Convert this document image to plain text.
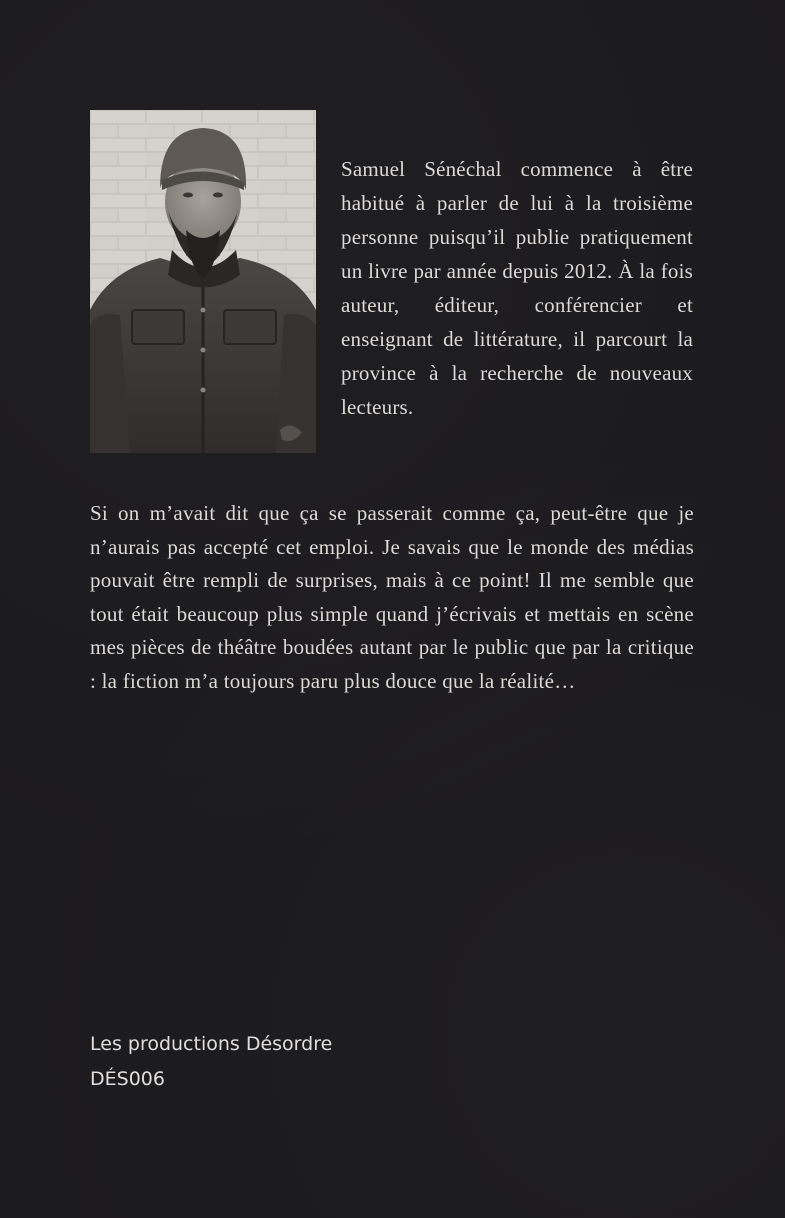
Samuel Sénéchal commence à être habitué à parler de lui à la troisième personne puisqu’il publie pratiquement un livre par année depuis 2012. À la fois auteur, éditeur, conférencier et enseignant de littérature, il parcourt la province à la recherche de nouveaux lecteurs.
Si on m’avait dit que ça se passerait comme ça, peut-être que je n’aurais pas accepté cet emploi. Je savais que le monde des médias pouvait être rempli de surprises, mais à ce point! Il me semble que tout était beaucoup plus simple quand j’écrivais et mettais en scène mes pièces de théâtre boudées autant par le public que par la critique : la fiction m’a toujours paru plus douce que la réalité…
Les productions Désordre
DÉS006
